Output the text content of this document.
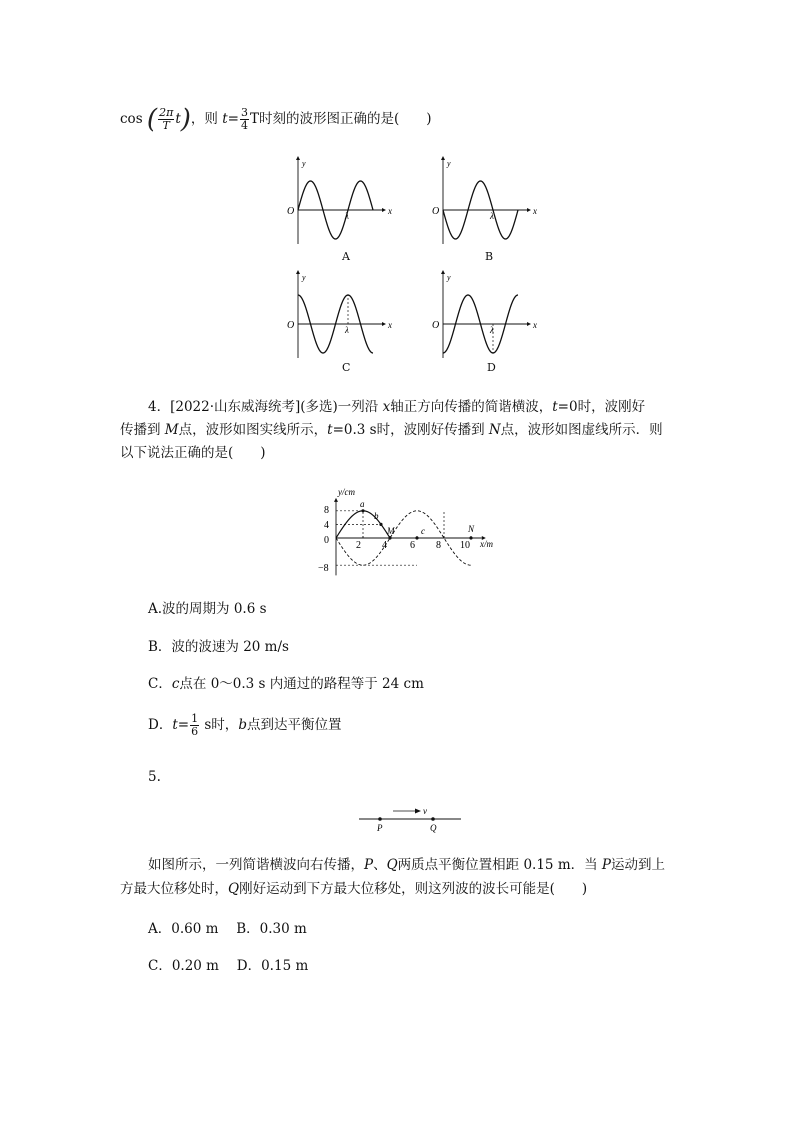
cos ( $\frac{2\pi}{T} t$)，则 $t= \frac{3}{4}$ T时刻的波形图正确的是(　　)
λ
O
y
x	λ
O
y
x
λ
O
y
x	λ
O
y
x
A	B
C	D
4．[2022·山东威海统考](多选)一列沿 x轴正方向传播的简谐横波，t=0时，波刚好
传播到 M点，波形如图实线所示，t=0.3 s时，波刚好传播到 N点，波形如图虚线所示．则
以下说法正确的是(　　)
y/cm
x/m
8
4
0
−8
2 4 6 8 10
a
b
M	c	N
A.波的周期为 0.6 s
B．波的波速为 20 m/s
C．c点在 0～0.3 s 内通过的路程等于 24 cm
D．$t= \frac{1}{6}$ s时，b点到达平衡位置
5.
v
P	Q
如图所示，一列简谐横波向右传播，P、Q两质点平衡位置相距 0.15 m．当 P运动到上
方最大位移处时，Q刚好运动到下方最大位移处，则这列波的波长可能是(　　)
A．0.60 m　 B．0.30 m
C．0.20 m　 D．0.15 m
